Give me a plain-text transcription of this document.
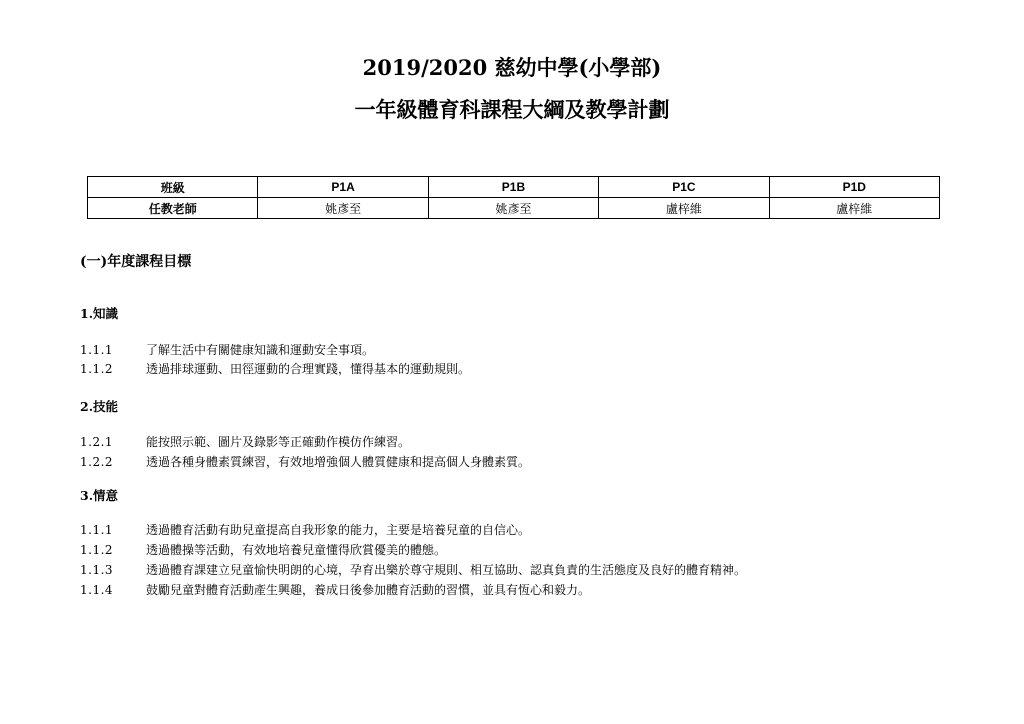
2019/2020 慈幼中學(小學部)
一年級體育科課程大綱及教學計劃
班級	P1A	P1B	P1C	P1D
任教老師	姚彥至	姚彥至	盧梓維	盧梓維
(一)年度課程目標
1.知識
1.1.1	了解生活中有關健康知識和運動安全事項。
1.1.2	透過排球運動、田徑運動的合理實踐，懂得基本的運動規則。
2.技能
1.2.1	能按照示範、圖片及錄影等正確動作模仿作練習。
1.2.2	透過各種身體素質練習，有效地增強個人體質健康和提高個人身體素質。
3.情意
1.1.1	透過體育活動有助兒童提高自我形象的能力，主要是培養兒童的自信心。
1.1.2	透過體操等活動，有效地培養兒童懂得欣賞優美的體態。
1.1.3	透過體育課建立兒童愉快明朗的心境，孕育出樂於尊守規則、相互協助、認真負責的生活態度及良好的體育精神。
1.1.4	鼓勵兒童對體育活動產生興趣，養成日後參加體育活動的習慣，並具有恆心和毅力。
